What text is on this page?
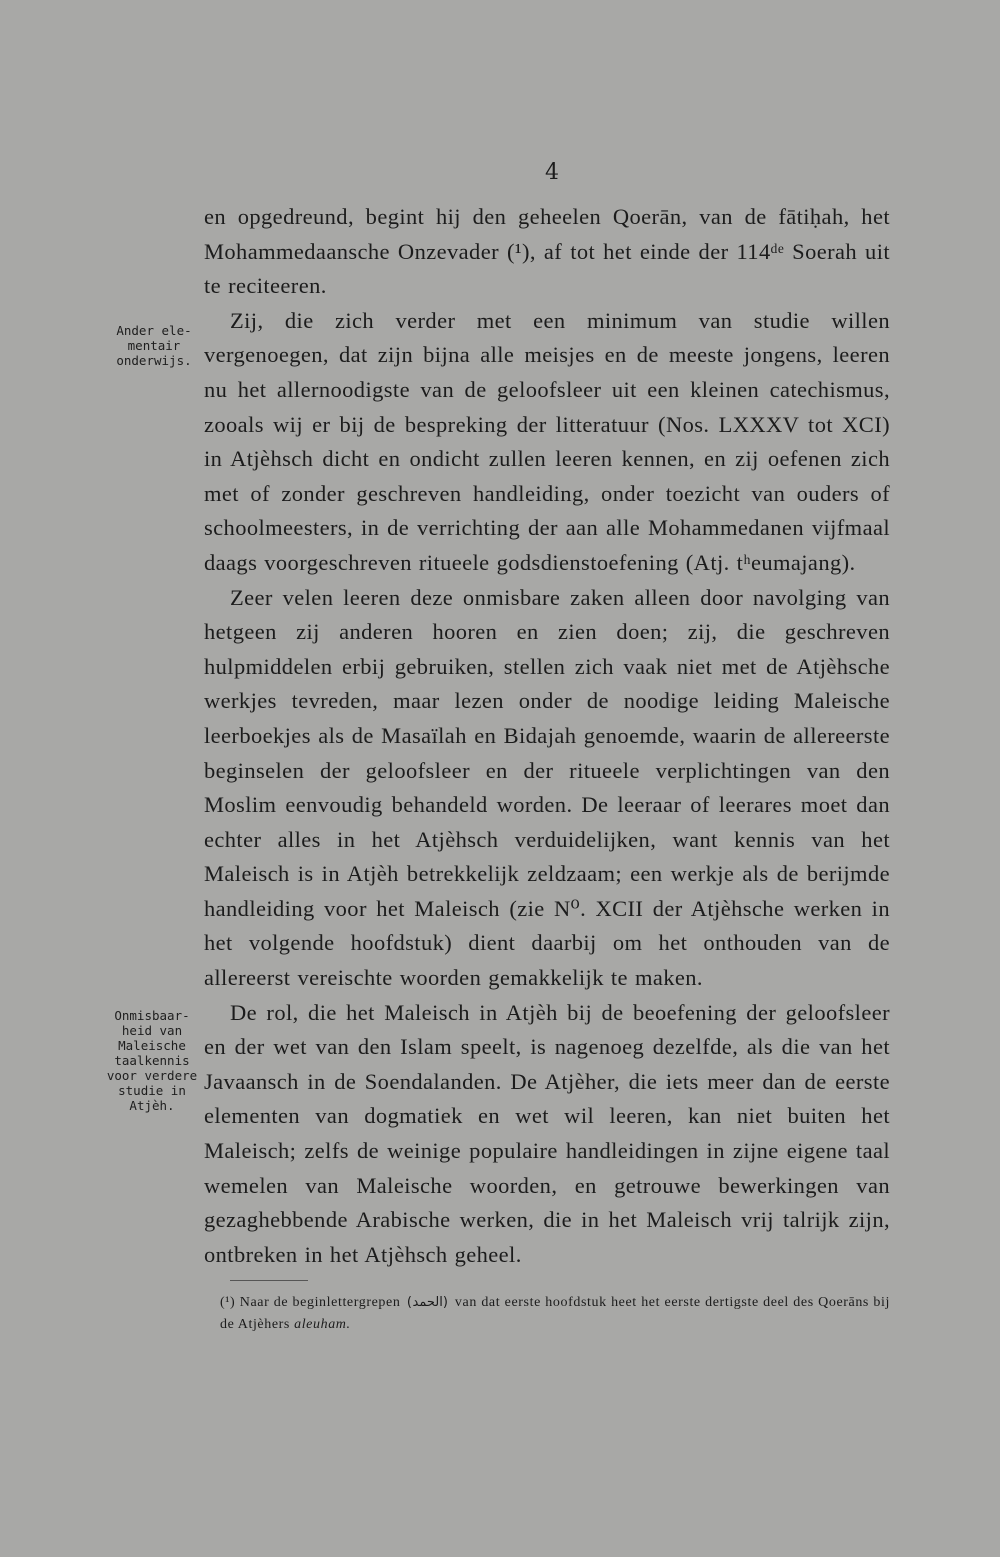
4
Ander ele-
mentair
onderwijs.
Onmisbaar-
heid van
Maleische
taalkennis
voor verdere
studie in
Atjèh.

en opgedreund, begint hij den geheelen Qoerān, van de fātiḥah, het Mohammedaansche Onzevader (¹), af tot het einde der 114ᵈᵉ Soerah uit te reciteeren.

Zij, die zich verder met een minimum van studie willen vergenoegen, dat zijn bijna alle meisjes en de meeste jongens, leeren nu het allernoodigste van de geloofsleer uit een kleinen catechismus, zooals wij er bij de bespreking der litteratuur (Nos. LXXXV tot XCI) in Atjèhsch dicht en ondicht zullen leeren kennen, en zij oefenen zich met of zonder geschreven handleiding, onder toezicht van ouders of schoolmeesters, in de verrichting der aan alle Mohammedanen vijfmaal daags voorgeschreven ritueele godsdienstoefening (Atj. tʰeumajang).

Zeer velen leeren deze onmisbare zaken alleen door navolging van hetgeen zij anderen hooren en zien doen; zij, die geschreven hulpmiddelen erbij gebruiken, stellen zich vaak niet met de Atjèhsche werkjes tevreden, maar lezen onder de noodige leiding Maleische leerboekjes als de Masaïlah en Bidajah genoemde, waarin de allereerste beginselen der geloofsleer en der ritueele verplichtingen van den Moslim eenvoudig behandeld worden. De leeraar of leerares moet dan echter alles in het Atjèhsch verduidelijken, want kennis van het Maleisch is in Atjèh betrekkelijk zeldzaam; een werkje als de berijmde handleiding voor het Maleisch (zie N⁰. XCII der Atjèhsche werken in het volgende hoofdstuk) dient daarbij om het onthouden van de allereerst vereischte woorden gemakkelijk te maken.

De rol, die het Maleisch in Atjèh bij de beoefening der geloofsleer en der wet van den Islam speelt, is nagenoeg dezelfde, als die van het Javaansch in de Soendalanden. De Atjèher, die iets meer dan de eerste elementen van dogmatiek en wet wil leeren, kan niet buiten het Maleisch; zelfs de weinige populaire handleidingen in zijne eigene taal wemelen van Maleische woorden, en getrouwe bewerkingen van gezaghebbende Arabische werken, die in het Maleisch vrij talrijk zijn, ontbreken in het Atjèhsch geheel.

(¹) Naar de beginlettergrepen (الحمد) van dat eerste hoofdstuk heet het eerste dertigste deel des Qoerāns bij de Atjèhers aleuham.
